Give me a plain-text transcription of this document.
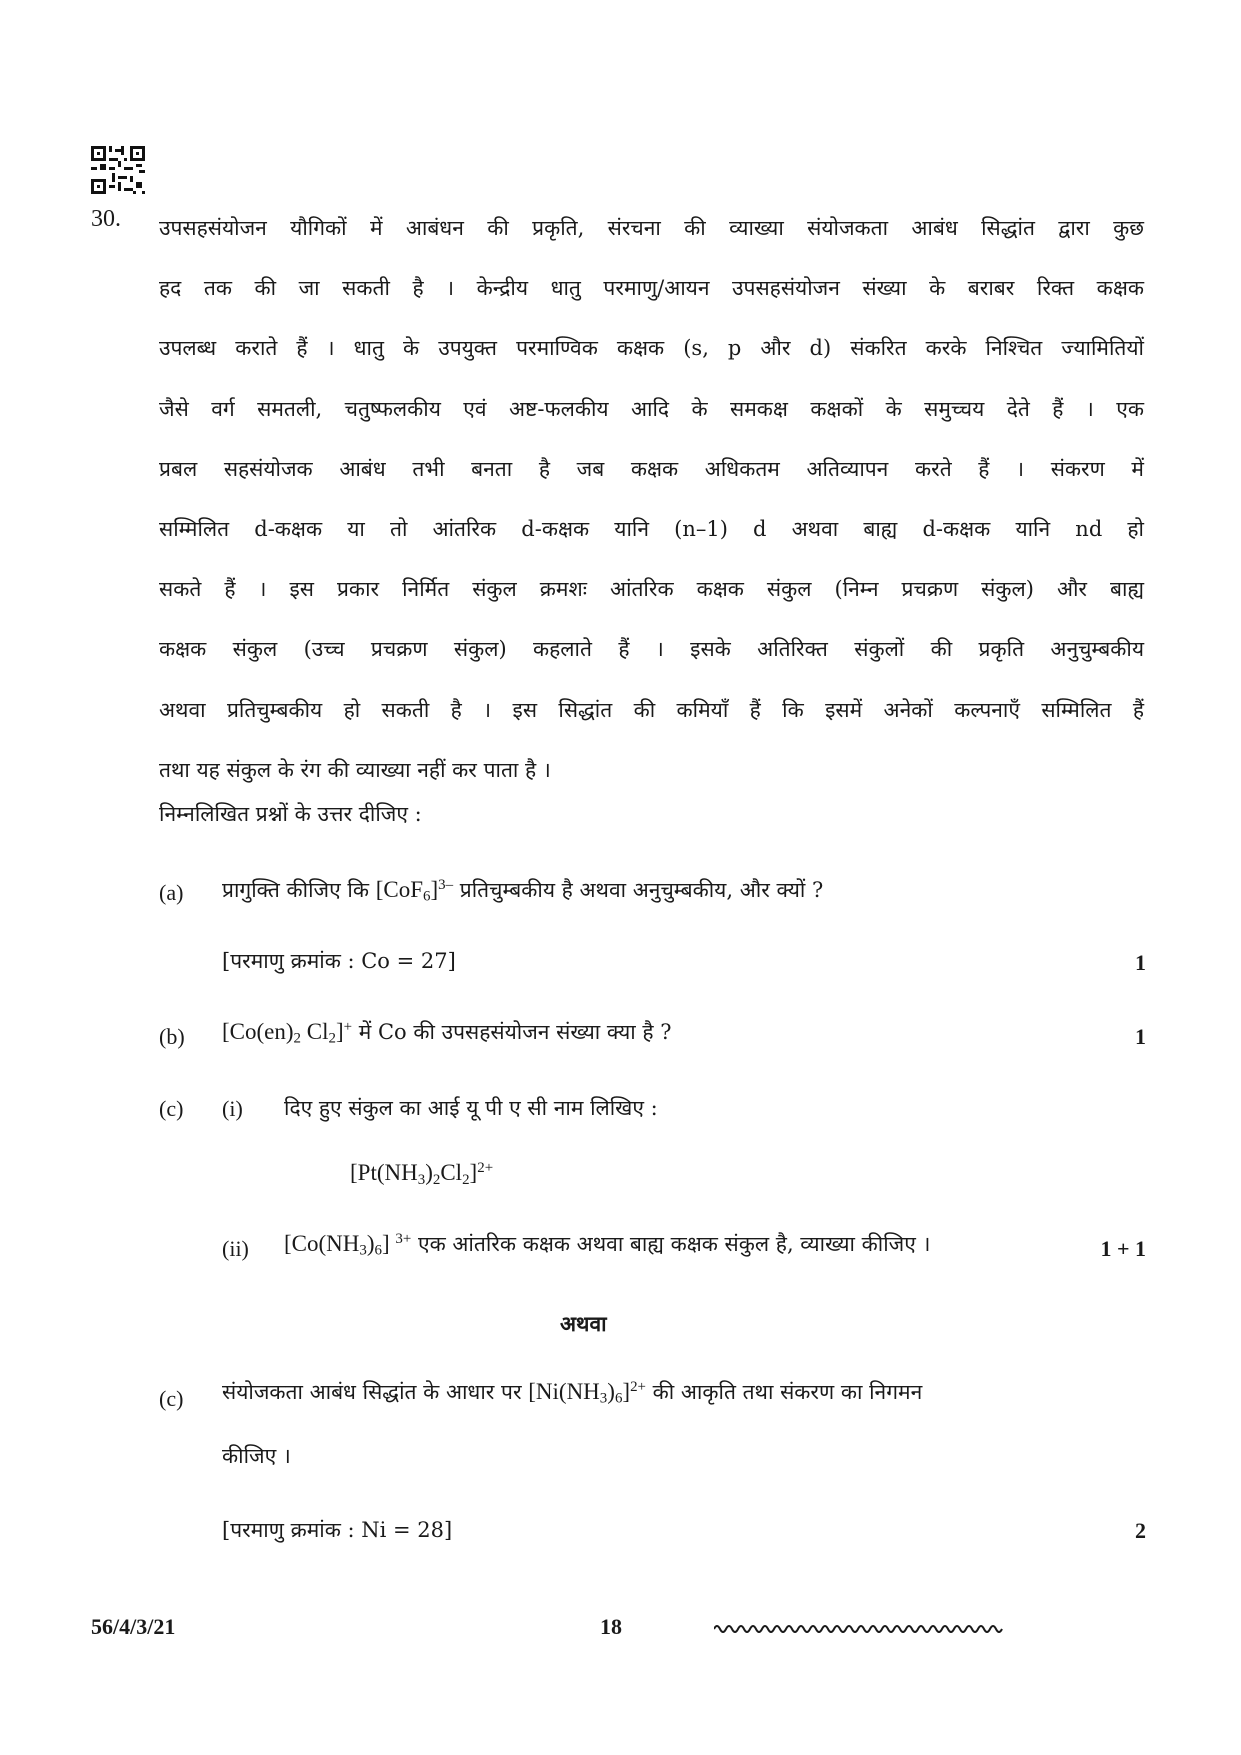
30. उपसहसंयोजन यौगिकों में आबंधन की प्रकृति, संरचना की व्याख्या संयोजकता आबंध सिद्धांत द्वारा कुछ
हद तक की जा सकती है । केन्द्रीय धातु परमाणु/आयन उपसहसंयोजन संख्या के बराबर रिक्त कक्षक
उपलब्ध कराते हैं । धातु के उपयुक्त परमाण्विक कक्षक (s, p और d) संकरित करके निश्चित ज्यामितियों
जैसे वर्ग समतली, चतुष्फलकीय एवं अष्ट-फलकीय आदि के समकक्ष कक्षकों के समुच्चय देते हैं । एक
प्रबल सहसंयोजक आबंध तभी बनता है जब कक्षक अधिकतम अतिव्यापन करते हैं । संकरण में
सम्मिलित d-कक्षक या तो आंतरिक d-कक्षक यानि (n–1) d अथवा बाह्य d-कक्षक यानि nd हो
सकते हैं । इस प्रकार निर्मित संकुल क्रमशः आंतरिक कक्षक संकुल (निम्न प्रचक्रण संकुल) और बाह्य
कक्षक संकुल (उच्च प्रचक्रण संकुल) कहलाते हैं । इसके अतिरिक्त संकुलों की प्रकृति अनुचुम्बकीय
अथवा प्रतिचुम्बकीय हो सकती है । इस सिद्धांत की कमियाँ हैं कि इसमें अनेकों कल्पनाएँ सम्मिलित हैं
तथा यह संकुल के रंग की व्याख्या नहीं कर पाता है ।
निम्नलिखित प्रश्नों के उत्तर दीजिए :
(a) प्रागुक्ति कीजिए कि $[CoF_6]^{3-}$ प्रतिचुम्बकीय है अथवा अनुचुम्बकीय, और क्यों ?
[परमाणु क्रमांक : Co = 27]	1
(b) [$Co(en)_2$ $Cl_2]^+$ में Co की उपसहसंयोजन संख्या क्या है ?	1
(c) (i) दिए हुए संकुल का आई यू पी ए सी नाम लिखिए :
$[Pt(NH_3)_2Cl_2]^{2+}$
(ii) $[Co(NH_3)_6]$ $^{3+}$ एक आंतरिक कक्षक अथवा बाह्य कक्षक संकुल है, व्याख्या कीजिए ।	1 + 1
अथवा
(c) संयोजकता आबंध सिद्धांत के आधार पर $[Ni(NH_3)_6]^{2+}$ की आकृति तथा संकरण का निगमन
कीजिए ।
[परमाणु क्रमांक : Ni = 28]	2
56/4/3/21	18
